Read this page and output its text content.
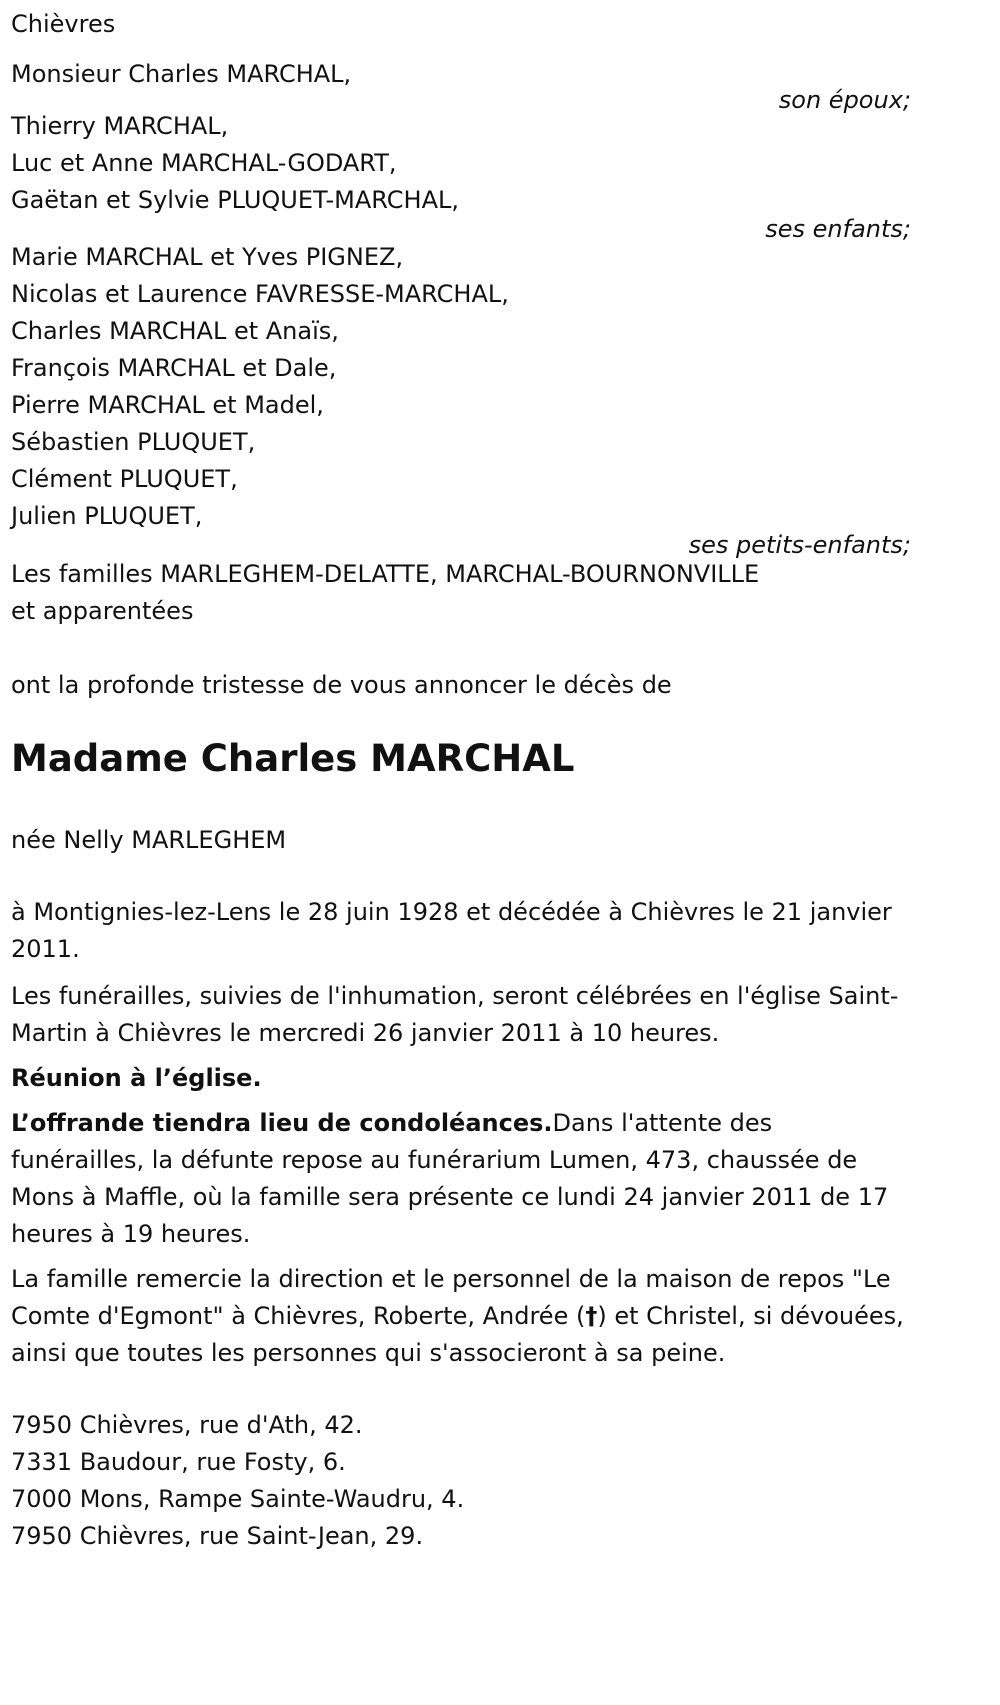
Chièvres
Monsieur Charles MARCHAL,
son époux;
Thierry MARCHAL,
Luc et Anne MARCHAL-GODART,
Gaëtan et Sylvie PLUQUET-MARCHAL,
ses enfants;
Marie MARCHAL et Yves PIGNEZ,
Nicolas et Laurence FAVRESSE-MARCHAL,
Charles MARCHAL et Anaïs,
François MARCHAL et Dale,
Pierre MARCHAL et Madel,
Sébastien PLUQUET,
Clément PLUQUET,
Julien PLUQUET,
ses petits-enfants;
Les familles MARLEGHEM-DELATTE, MARCHAL-BOURNONVILLE
et apparentées
ont la profonde tristesse de vous annoncer le décès de
Madame Charles MARCHAL
née Nelly MARLEGHEM

à Montignies-lez-Lens le 28 juin 1928 et décédée à Chièvres le 21 janvier 2011.

Les funérailles, suivies de l'inhumation, seront célébrées en l'église Saint-Martin à Chièvres le mercredi 26 janvier 2011 à 10 heures.

Réunion à l’église.

L’offrande tiendra lieu de condoléances.Dans l'attente des funérailles, la défunte repose au funérarium Lumen, 473, chaussée de Mons à Maffle, où la famille sera présente ce lundi 24 janvier 2011 de 17 heures à 19 heures.

La famille remercie la direction et le personnel de la maison de repos "Le Comte d'Egmont" à Chièvres, Roberte, Andrée (†) et Christel, si dévouées, ainsi que toutes les personnes qui s'associeront à sa peine.

7950 Chièvres, rue d'Ath, 42.
7331 Baudour, rue Fosty, 6.
7000 Mons, Rampe Sainte-Waudru, 4.
7950 Chièvres, rue Saint-Jean, 29.
